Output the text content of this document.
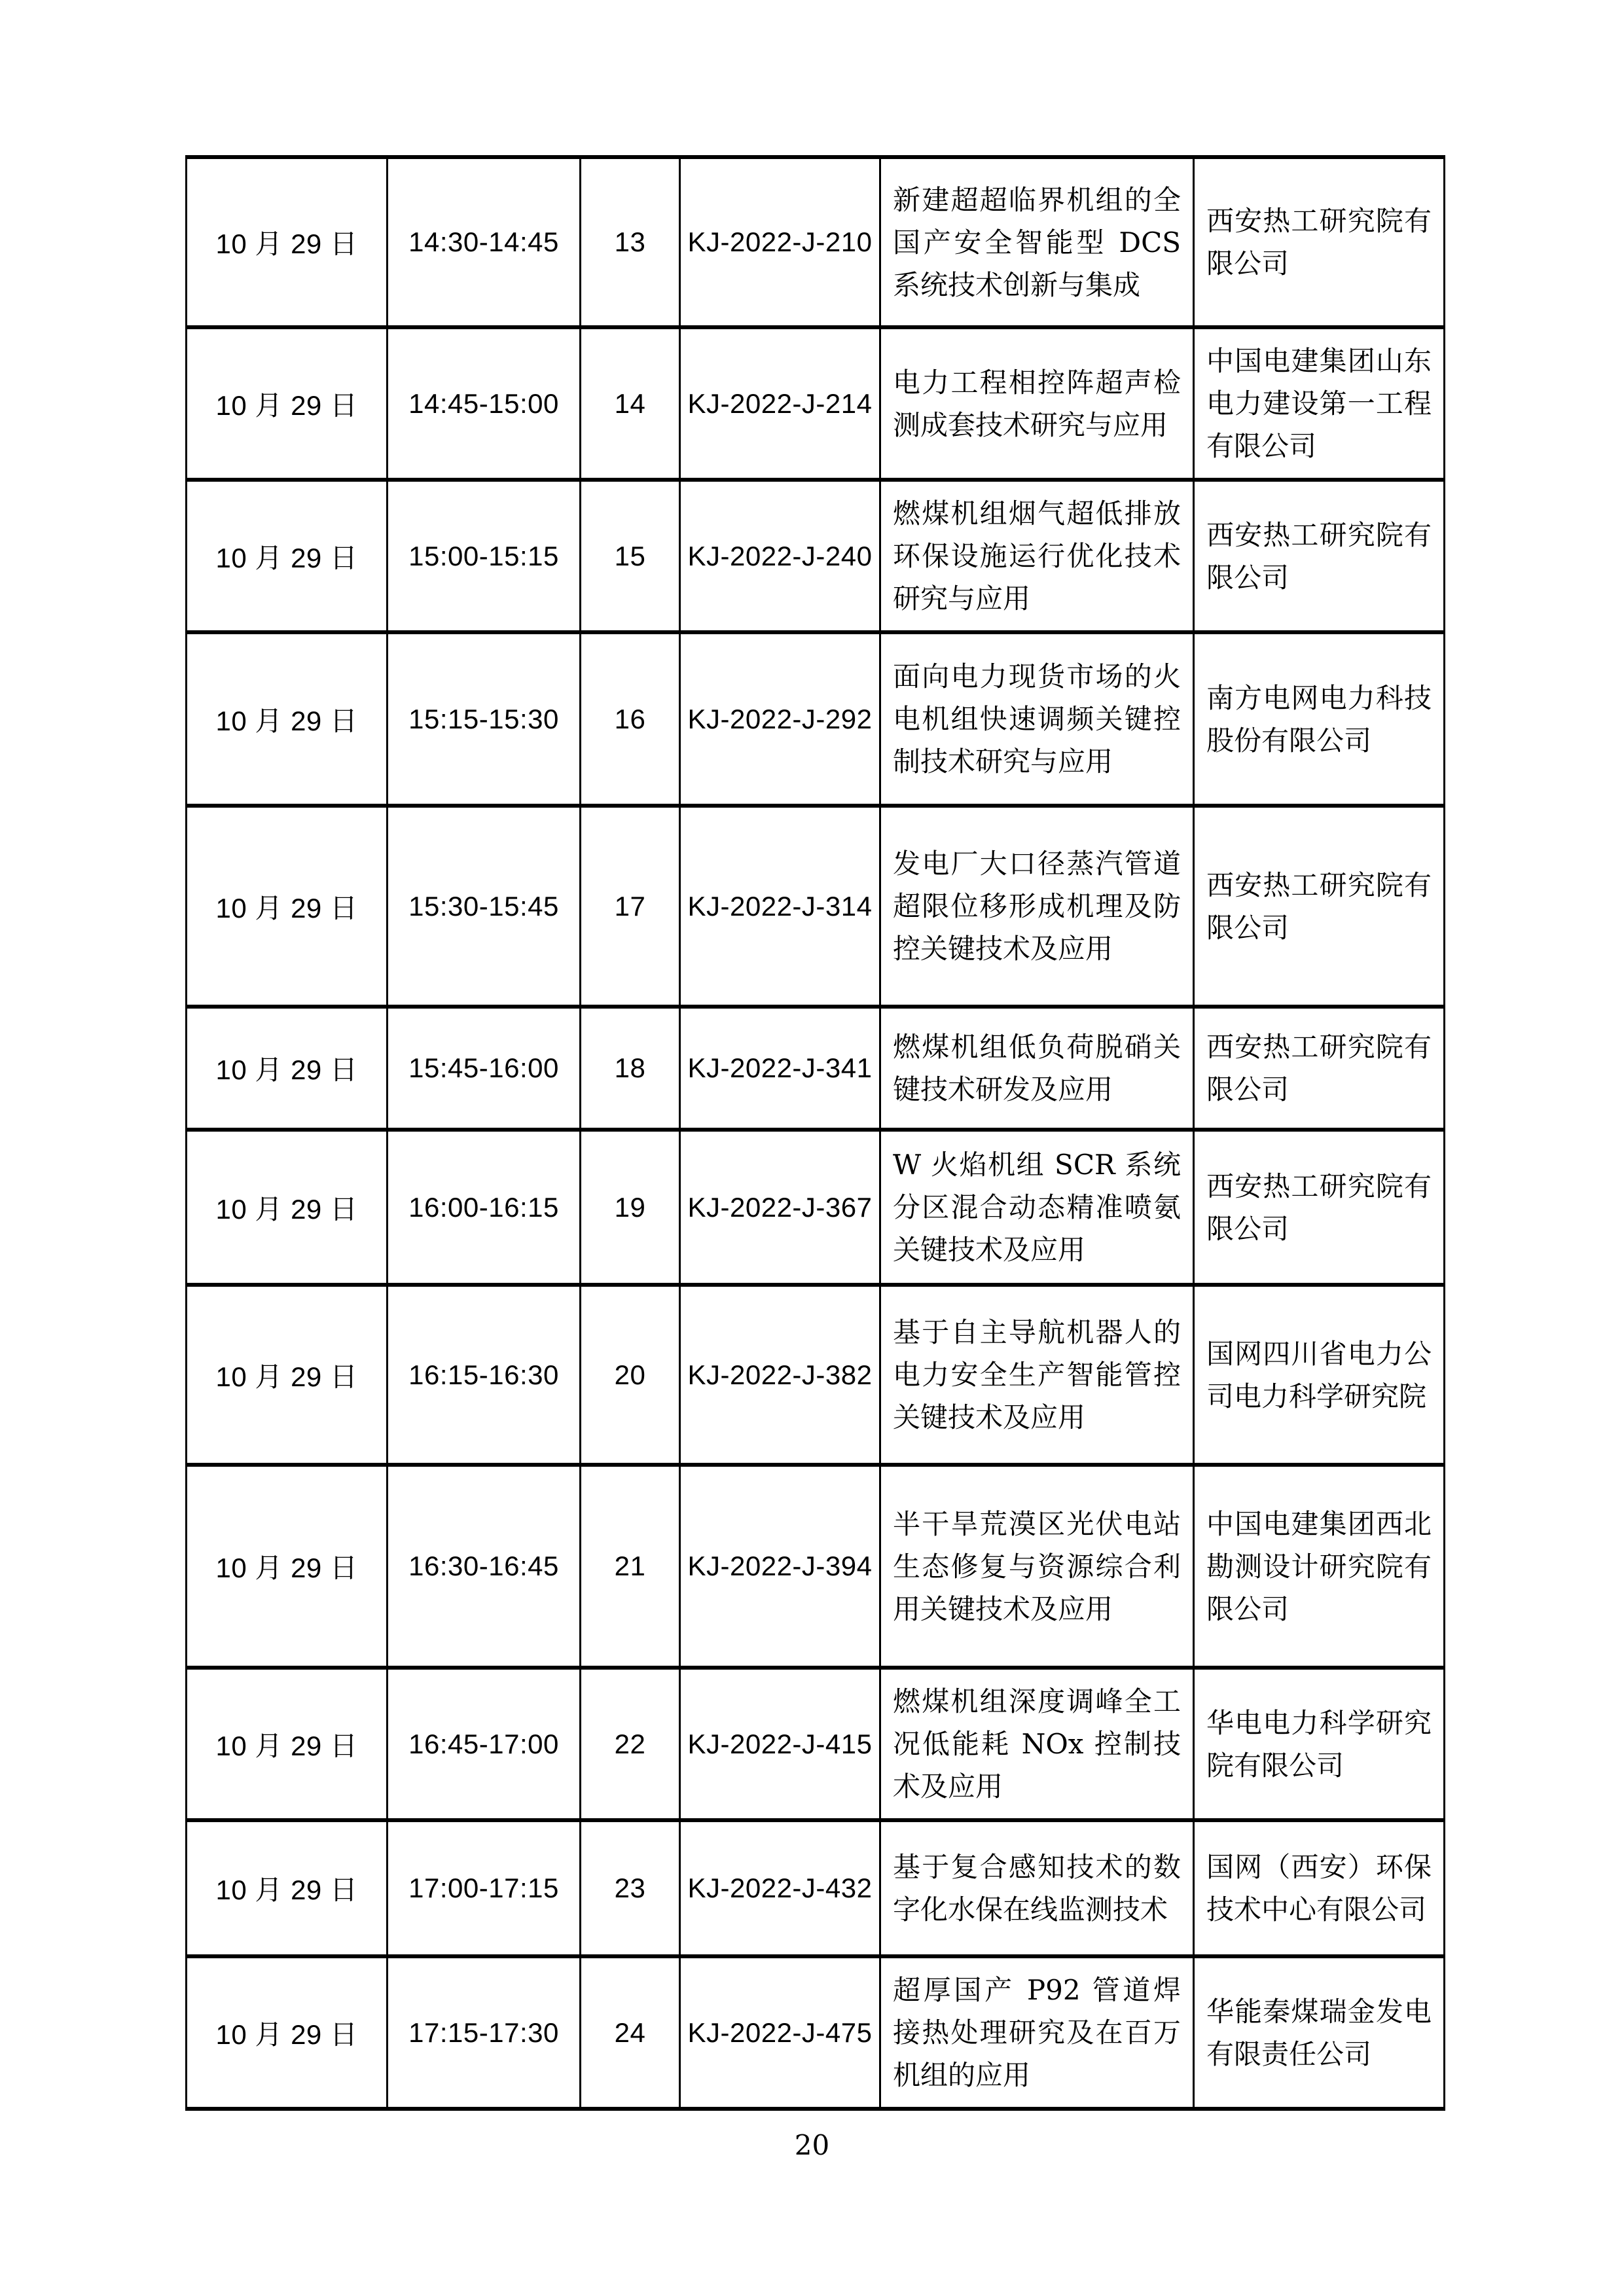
10 月 29 日	14:30-14:45	13	KJ-2022-J-210	新建超超临界机组的全国产安全智能型 DCS 系统技术创新与集成	西安热工研究院有限公司
10 月 29 日	14:45-15:00	14	KJ-2022-J-214	电力工程相控阵超声检测成套技术研究与应用	中国电建集团山东电力建设第一工程有限公司
10 月 29 日	15:00-15:15	15	KJ-2022-J-240	燃煤机组烟气超低排放环保设施运行优化技术研究与应用	西安热工研究院有限公司
10 月 29 日	15:15-15:30	16	KJ-2022-J-292	面向电力现货市场的火电机组快速调频关键控制技术研究与应用	南方电网电力科技股份有限公司
10 月 29 日	15:30-15:45	17	KJ-2022-J-314	发电厂大口径蒸汽管道超限位移形成机理及防控关键技术及应用	西安热工研究院有限公司
10 月 29 日	15:45-16:00	18	KJ-2022-J-341	燃煤机组低负荷脱硝关键技术研发及应用	西安热工研究院有限公司
10 月 29 日	16:00-16:15	19	KJ-2022-J-367	W 火焰机组 SCR 系统分区混合动态精准喷氨关键技术及应用	西安热工研究院有限公司
10 月 29 日	16:15-16:30	20	KJ-2022-J-382	基于自主导航机器人的电力安全生产智能管控关键技术及应用	国网四川省电力公司电力科学研究院
10 月 29 日	16:30-16:45	21	KJ-2022-J-394	半干旱荒漠区光伏电站生态修复与资源综合利用关键技术及应用	中国电建集团西北勘测设计研究院有限公司
10 月 29 日	16:45-17:00	22	KJ-2022-J-415	燃煤机组深度调峰全工况低能耗 NOx 控制技术及应用	华电电力科学研究院有限公司
10 月 29 日	17:00-17:15	23	KJ-2022-J-432	基于复合感知技术的数字化水保在线监测技术	国网（西安）环保技术中心有限公司
10 月 29 日	17:15-17:30	24	KJ-2022-J-475	超厚国产 P92 管道焊接热处理研究及在百万机组的应用	华能秦煤瑞金发电有限责任公司
20
